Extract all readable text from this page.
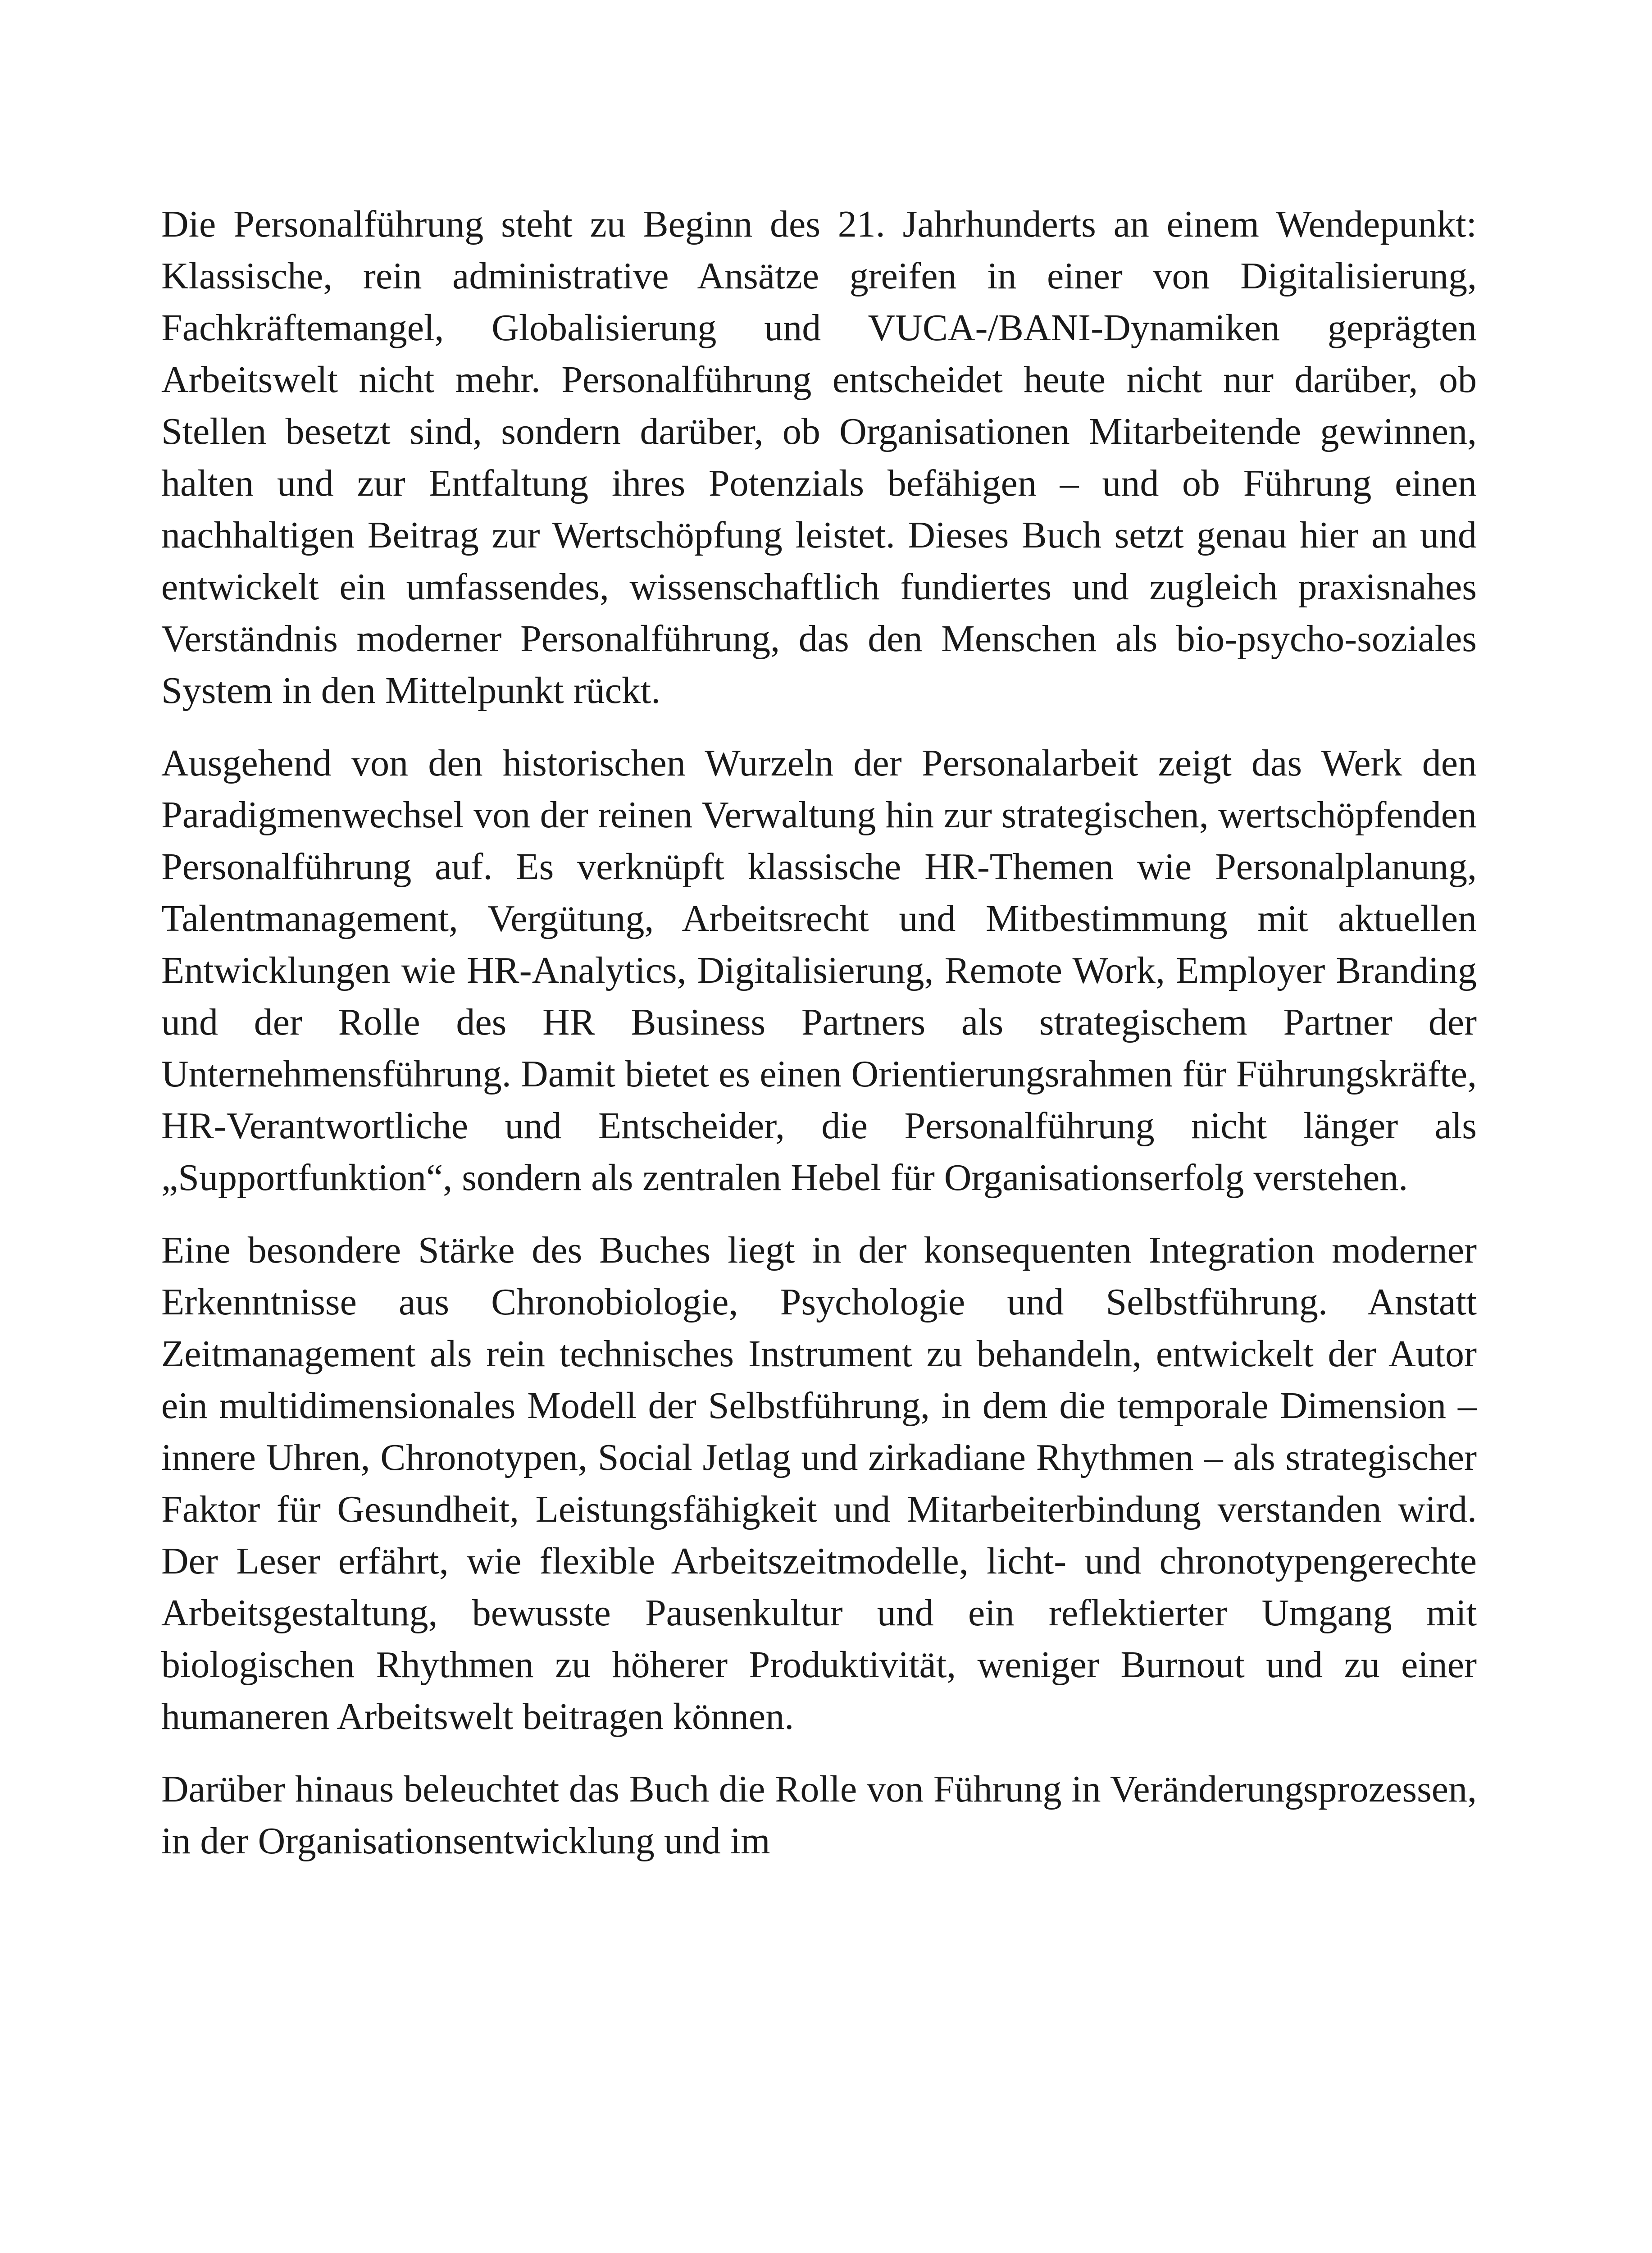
Die Personalführung steht zu Beginn des 21. Jahrhunderts an einem Wendepunkt: Klassische, rein administrative Ansätze greifen in einer von Digitalisierung, Fachkräftemangel, Globalisierung und VUCA-/BANI-Dynamiken geprägten Arbeitswelt nicht mehr. Personalführung entscheidet heute nicht nur darüber, ob Stellen besetzt sind, sondern darüber, ob Organisationen Mitarbeitende gewinnen, halten und zur Entfaltung ihres Potenzials befähigen – und ob Führung einen nachhaltigen Beitrag zur Wertschöpfung leistet. Dieses Buch setzt genau hier an und entwickelt ein umfassendes, wissenschaftlich fundiertes und zugleich praxisnahes Verständnis moderner Personalführung, das den Menschen als bio-psycho-soziales System in den Mittelpunkt rückt.

Ausgehend von den historischen Wurzeln der Personalarbeit zeigt das Werk den Paradigmenwechsel von der reinen Verwaltung hin zur strategischen, wertschöpfenden Personalführung auf. Es verknüpft klassische HR-Themen wie Personalplanung, Talentmanagement, Vergütung, Arbeitsrecht und Mitbestimmung mit aktuellen Entwicklungen wie HR-Analytics, Digitalisierung, Remote Work, Employer Branding und der Rolle des HR Business Partners als strategischem Partner der Unternehmensführung. Damit bietet es einen Orientierungsrahmen für Führungskräfte, HR-Verantwortliche und Entscheider, die Personalführung nicht länger als „Supportfunktion“, sondern als zentralen Hebel für Organisationserfolg verstehen.

Eine besondere Stärke des Buches liegt in der konsequenten Integration moderner Erkenntnisse aus Chronobiologie, Psychologie und Selbstführung. Anstatt Zeitmanagement als rein technisches Instrument zu behandeln, entwickelt der Autor ein multidimensionales Modell der Selbstführung, in dem die temporale Dimension – innere Uhren, Chronotypen, Social Jetlag und zirkadiane Rhythmen – als strategischer Faktor für Gesundheit, Leistungsfähigkeit und Mitarbeiterbindung verstanden wird. Der Leser erfährt, wie flexible Arbeitszeitmodelle, licht- und chronotypengerechte Arbeitsgestaltung, bewusste Pausenkultur und ein reflektierter Umgang mit biologischen Rhythmen zu höherer Produktivität, weniger Burnout und zu einer humaneren Arbeitswelt beitragen können.

Darüber hinaus beleuchtet das Buch die Rolle von Führung in Veränderungsprozessen, in der Organisationsentwicklung und im
